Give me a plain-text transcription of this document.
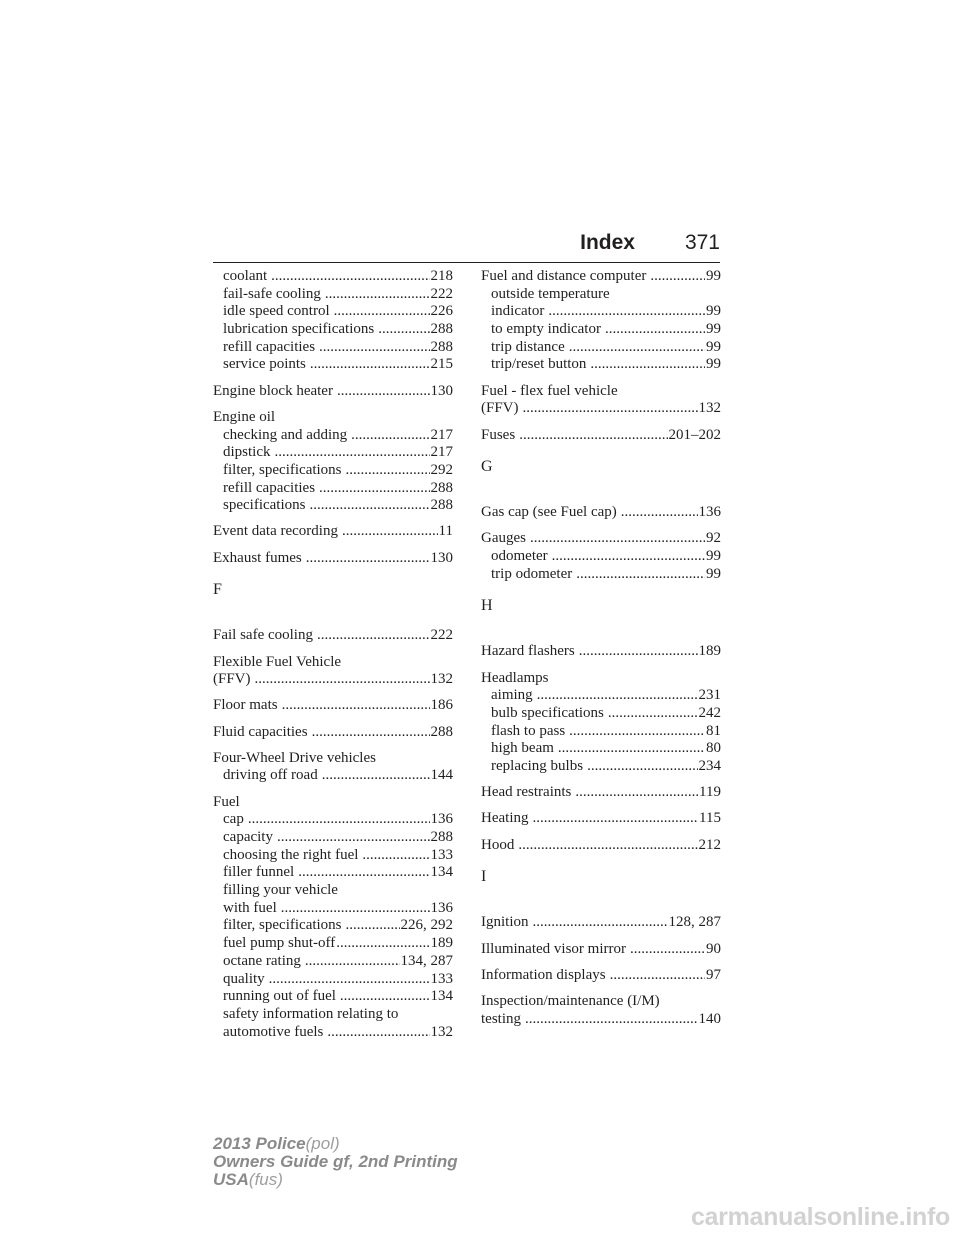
Index 371
coolant .....	218
fail-safe cooling .....	222
idle speed control .....	226
lubrication specifications .....	288
refill capacities .....	288
service points .....	215
Engine block heater .....	130
Engine oil
checking and adding .....	217
dipstick .....	217
filter, specifications .....	292
refill capacities .....	288
specifications .....	288
Event data recording .....	11
Exhaust fumes .....	130
F
Fail safe cooling .....	222
Flexible Fuel Vehicle
(FFV) .....	132
Floor mats .....	186
Fluid capacities .....	288
Four-Wheel Drive vehicles
driving off road .....	144
Fuel
cap .....	136
capacity .....	288
choosing the right fuel .....	133
filler funnel .....	134
filling your vehicle
with fuel .....	136
filter, specifications .....	226, 292
fuel pump shut-off .....	189
octane rating .....	134, 287
quality .....	133
running out of fuel .....	134
safety information relating to
automotive fuels .....	132
Fuel and distance computer .....	99
outside temperature
indicator .....	99
to empty indicator .....	99
trip distance .....	99
trip/reset button .....	99
Fuel - flex fuel vehicle
(FFV) .....	132
Fuses .....	201–202
G
Gas cap (see Fuel cap) .....	136
Gauges .....	92
odometer .....	99
trip odometer .....	99
H
Hazard flashers .....	189
Headlamps
aiming .....	231
bulb specifications .....	242
flash to pass .....	81
high beam .....	80
replacing bulbs .....	234
Head restraints .....	119
Heating .....	115
Hood .....	212
I
Ignition .....	128, 287
Illuminated visor mirror .....	90
Information displays .....	97
Inspection/maintenance (I/M)
testing .....	140
2013 Police(pol)
Owners Guide gf, 2nd Printing
USA(fus)
carmanualsonline.info
